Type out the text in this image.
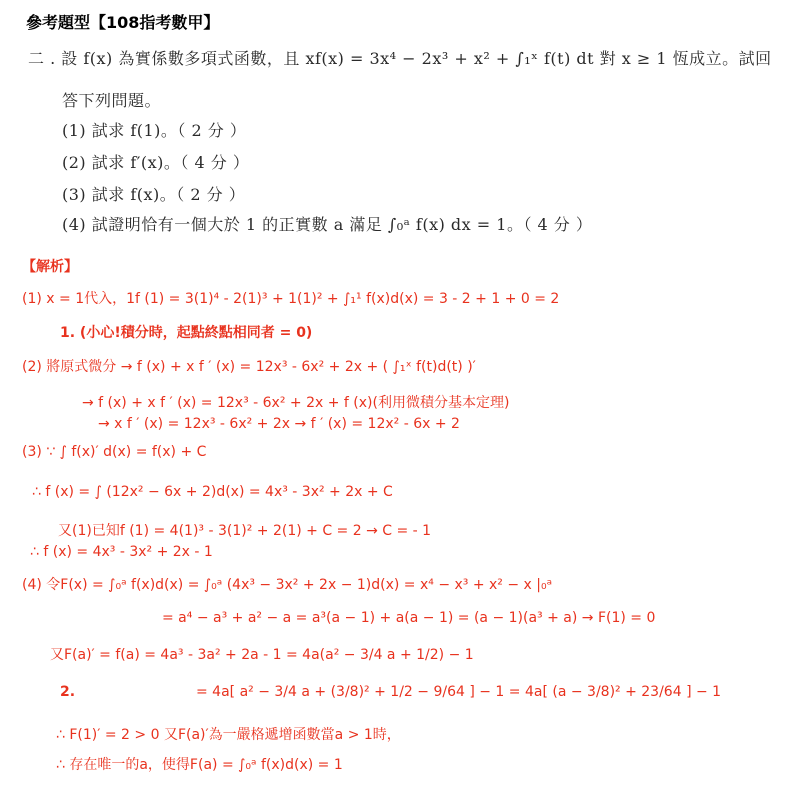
參考題型【108指考數甲】
二 . 設 f(x) 為實係數多項式函數，且 xf(x) = 3x⁴ − 2x³ + x² + ∫₁ˣ f(t) dt 對 x ≥ 1 恆成立。試回
答下列問題。
(1) 試求 f(1)。（ 2 分 ）
(2) 試求 f′(x)。（ 4 分 ）
(3) 試求 f(x)。（ 2 分 ）
(4) 試證明恰有一個大於 1 的正實數 a 滿足 ∫₀ᵃ f(x) dx = 1。（ 4 分 ）
【解析】
(1) x = 1代入，1f (1) = 3(1)⁴ - 2(1)³ + 1(1)² + ∫₁¹ f(x)d(x) = 3 - 2 + 1 + 0 = 2
1. (小心!積分時，起點終點相同者 = 0)
(2) 將原式微分 → f (x) + x f ′ (x) = 12x³ - 6x² + 2x + ( ∫₁ˣ f(t)d(t) )′
→ f (x) + x f ′ (x) = 12x³ - 6x² + 2x + f (x)(利用微積分基本定理)
→ x f ′ (x) = 12x³ - 6x² + 2x → f ′ (x) = 12x² - 6x + 2
(3) ∵ ∫ f(x)′ d(x) = f(x) + C
∴ f (x) = ∫ (12x² − 6x + 2)d(x) = 4x³ - 3x² + 2x + C
又(1)已知f (1) = 4(1)³ - 3(1)² + 2(1) + C = 2 → C = - 1
∴ f (x) = 4x³ - 3x² + 2x - 1
(4) 令F(x) = ∫₀ᵃ f(x)d(x) = ∫₀ᵃ (4x³ − 3x² + 2x − 1)d(x) = x⁴ − x³ + x² − x |₀ᵃ
= a⁴ − a³ + a² − a = a³(a − 1) + a(a − 1) = (a − 1)(a³ + a) → F(1) = 0
又F(a)′ = f(a) = 4a³ - 3a² + 2a - 1 = 4a(a² − 3/4 a + 1/2) − 1
2.	= 4a[ a² − 3/4 a + (3/8)² + 1/2 − 9/64 ] − 1 = 4a[ (a − 3/8)² + 23/64 ] − 1
∴ F(1)′ = 2 > 0 又F(a)′為一嚴格遞增函數當a > 1時，
∴ 存在唯一的a，使得F(a) = ∫₀ᵃ f(x)d(x) = 1
